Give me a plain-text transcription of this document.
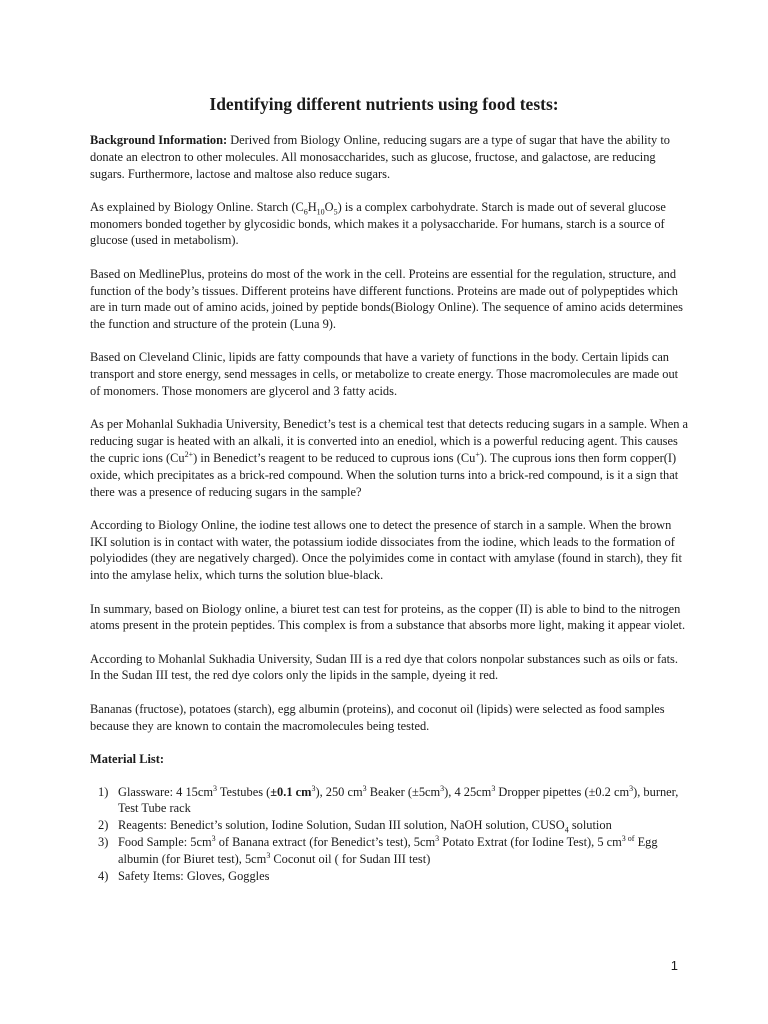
Identifying different nutrients using food tests:

Background Information: Derived from Biology Online, reducing sugars are a type of sugar that have the ability to donate an electron to other molecules. All monosaccharides, such as glucose, fructose, and galactose, are reducing sugars. Furthermore, lactose and maltose also reduce sugars.

As explained by Biology Online. Starch $(C_6H_{10}O_5)$ is a complex carbohydrate. Starch is made out of several glucose monomers bonded together by glycosidic bonds, which makes it a polysaccharide. For humans, starch is a source of glucose (used in metabolism).

Based on MedlinePlus, proteins do most of the work in the cell. Proteins are essential for the regulation, structure, and function of the body’s tissues. Different proteins have different functions. Proteins are made out of polypeptides which are in turn made out of amino acids, joined by peptide bonds(Biology Online). The sequence of amino acids determines the function and structure of the protein (Luna 9).

Based on Cleveland Clinic, lipids are fatty compounds that have a variety of functions in the body. Certain lipids can transport and store energy, send messages in cells, or metabolize to create energy. Those macromolecules are made out of monomers. Those monomers are glycerol and 3 fatty acids.

As per Mohanlal Sukhadia University, Benedict’s test is a chemical test that detects reducing sugars in a sample. When a reducing sugar is heated with an alkali, it is converted into an enediol, which is a powerful reducing agent. This causes the cupric ions $(Cu^{2+})$ in Benedict’s reagent to be reduced to cuprous ions (Cu+). The cuprous ions then form copper(I) oxide, which precipitates as a brick-red compound. When the solution turns into a brick-red compound, is it a sign that there was a presence of reducing sugars in the sample?

According to Biology Online, the iodine test allows one to detect the presence of starch in a sample. When the brown IKI solution is in contact with water, the potassium iodide dissociates from the iodine, which leads to the formation of polyiodides (they are negatively charged). Once the polyimides come in contact with amylase (found in starch), they fit into the amylase helix, which turns the solution blue-black.

In summary, based on Biology online, a biuret test can test for proteins, as the copper (II) is able to bind to the nitrogen atoms present in the protein peptides. This complex is from a substance that absorbs more light, making it appear violet.

According to Mohanlal Sukhadia University, Sudan III is a red dye that colors nonpolar substances such as oils or fats. In the Sudan III test, the red dye colors only the lipids in the sample, dyeing it red.

Bananas (fructose), potatoes (starch), egg albumin (proteins), and coconut oil (lipids) were selected as food samples because they are known to contain the macromolecules being tested.

Material List:
1) Glassware: 4 $15cm^3$ Testubes (±0.1 $cm^3$), 250 $cm^3$ Beaker $(\pm 5cm^3)$, 4 $25cm^3$ Dropper pipettes (±0.2 $cm^3$), burner, Test Tube rack
2) Reagents: Benedict’s solution, Iodine Solution, Sudan III solution, NaOH solution, $CUSO_4$ solution
3) Food Sample: $5cm^3$ of Banana extract (for Benedict’s test), $5cm^3$ Potato Extrat (for Iodine Test), 5 $cm^{3 of}$ Egg albumin (for Biuret test), $5cm^3$ Coconut oil ( for Sudan III test)
4) Safety Items: Gloves, Goggles
1
